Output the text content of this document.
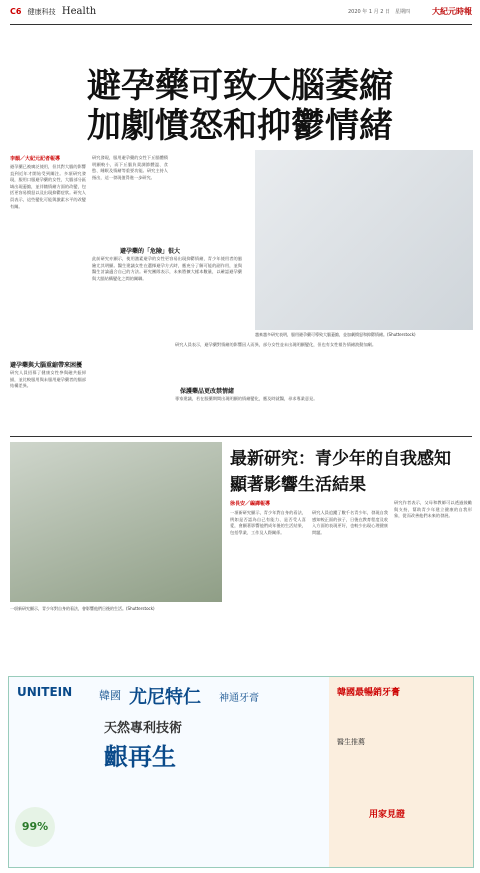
C6 健康科技 Health	2020 年 1 月 2 日　星期四	大紀元時報
避孕藥可致大腦萎縮
加劇憤怒和抑鬱情緒
李韻／大紀元記者報導
避孕藥已被廣泛使用，但其對大腦的影響直到近年才開始受到關注。多項研究發現，服用口服避孕藥的女性，大腦部分區域出現萎縮，並伴隨情緒方面的改變，包括更容易憤怒以及出現抑鬱症狀。研究人員表示，這些變化可能與激素水平的改變有關。
避孕藥與大腦重縮帶來困擾
研究人員招募了健康女性參與磁共振掃描，並比較服用與未服用避孕藥者的腦部結構差異。
研究發現，服用避孕藥的女性下丘腦體積明顯較小，而下丘腦負責調節體溫、食慾、睡眠及情緒等重要功能。研究主持人指出，這一發現值得進一步研究。
避孕藥的「危險」很大
此前研究亦顯示，使用激素避孕的女性更容易出現抑鬱情緒，青少年使用者的風險尤其明顯。醫生建議女性在選擇避孕方式時，應充分了解可能的副作用，並與醫生討論適合自己的方法。研究團隊表示，未來將擴大樣本數量，以確認避孕藥與大腦結構變化之間的關聯。
越來越多研究表明，服用避孕藥可導致大腦萎縮，並加劇憤怒和抑鬱情緒。(Shutterstock)
研究人員表示，避孕藥對情緒的影響因人而異，部分女性並未出現明顯變化，但也有女性報告情緒波動加劇。
保護藥品更改禁情緒
專家建議，若在服藥期間出現明顯的情緒變化，應及時就醫，尋求專業意見。
一項新研究顯示，青少年對自身的看法，會影響他們日後的生活。(Shutterstock)
最新研究：青少年的自我感知
顯著影響生活結果
徐長安／編譯報導
一項新研究顯示，青少年對自身的看法，例如是否認為自己有能力、是否受人喜愛，會顯著影響他們成年後的生活結果，包括學業、工作及人際關係。
研究人員追蹤了數千名青少年，發現自我感知較正面的孩子，日後在教育程度及收入方面的表現更好，也較少出現心理健康問題。
研究作者表示，父母和教師可以透過鼓勵與支持，幫助青少年建立健康的自我形象，從而改善他們未來的發展。
UNITEIN 韓國 尤尼特仁 神通牙膏
天然專利技術
齦再生
99%
韓國最暢銷牙膏
醫生推薦
用家見證
